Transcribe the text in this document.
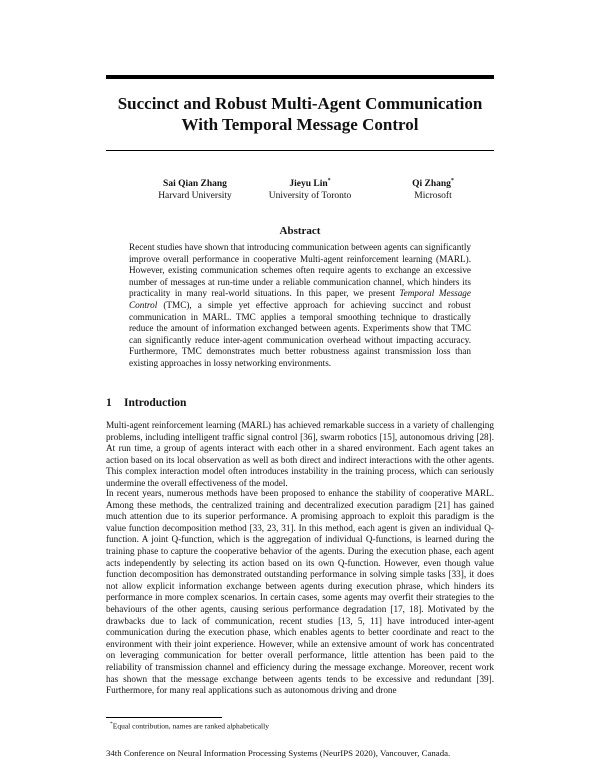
Succinct and Robust Multi-Agent Communication
With Temporal Message Control
Sai Qian Zhang
Harvard University
Jieyu Lin*
University of Toronto
Qi Zhang*
Microsoft
Abstract
Recent studies have shown that introducing communication between agents can significantly improve overall performance in cooperative Multi-agent reinforcement learning (MARL). However, existing communication schemes often require agents to exchange an excessive number of messages at run-time under a reliable communication channel, which hinders its practicality in many real-world situations. In this paper, we present Temporal Message Control (TMC), a simple yet effective approach for achieving succinct and robust communication in MARL. TMC applies a temporal smoothing technique to drastically reduce the amount of information exchanged between agents. Experiments show that TMC can significantly reduce inter-agent communication overhead without impacting accuracy. Furthermore, TMC demonstrates much better robustness against transmission loss than existing approaches in lossy networking environments.
1 Introduction
Multi-agent reinforcement learning (MARL) has achieved remarkable success in a variety of challenging problems, including intelligent traffic signal control [36], swarm robotics [15], autonomous driving [28]. At run time, a group of agents interact with each other in a shared environment. Each agent takes an action based on its local observation as well as both direct and indirect interactions with the other agents. This complex interaction model often introduces instability in the training process, which can seriously undermine the overall effectiveness of the model.
In recent years, numerous methods have been proposed to enhance the stability of cooperative MARL. Among these methods, the centralized training and decentralized execution paradigm [21] has gained much attention due to its superior performance. A promising approach to exploit this paradigm is the value function decomposition method [33, 23, 31]. In this method, each agent is given an individual Q-function. A joint Q-function, which is the aggregation of individual Q-functions, is learned during the training phase to capture the cooperative behavior of the agents. During the execution phase, each agent acts independently by selecting its action based on its own Q-function. However, even though value function decomposition has demonstrated outstanding performance in solving simple tasks [33], it does not allow explicit information exchange between agents during execution phrase, which hinders its performance in more complex scenarios. In certain cases, some agents may overfit their strategies to the behaviours of the other agents, causing serious performance degradation [17, 18]. Motivated by the drawbacks due to lack of communication, recent studies [13, 5, 11] have introduced inter-agent communication during the execution phase, which enables agents to better coordinate and react to the environment with their joint experience. However, while an extensive amount of work has concentrated on leveraging communication for better overall performance, little attention has been paid to the reliability of transmission channel and efficiency during the message exchange. Moreover, recent work has shown that the message exchange between agents tends to be excessive and redundant [39]. Furthermore, for many real applications such as autonomous driving and drone
*Equal contribution, names are ranked alphabetically
34th Conference on Neural Information Processing Systems (NeurIPS 2020), Vancouver, Canada.
